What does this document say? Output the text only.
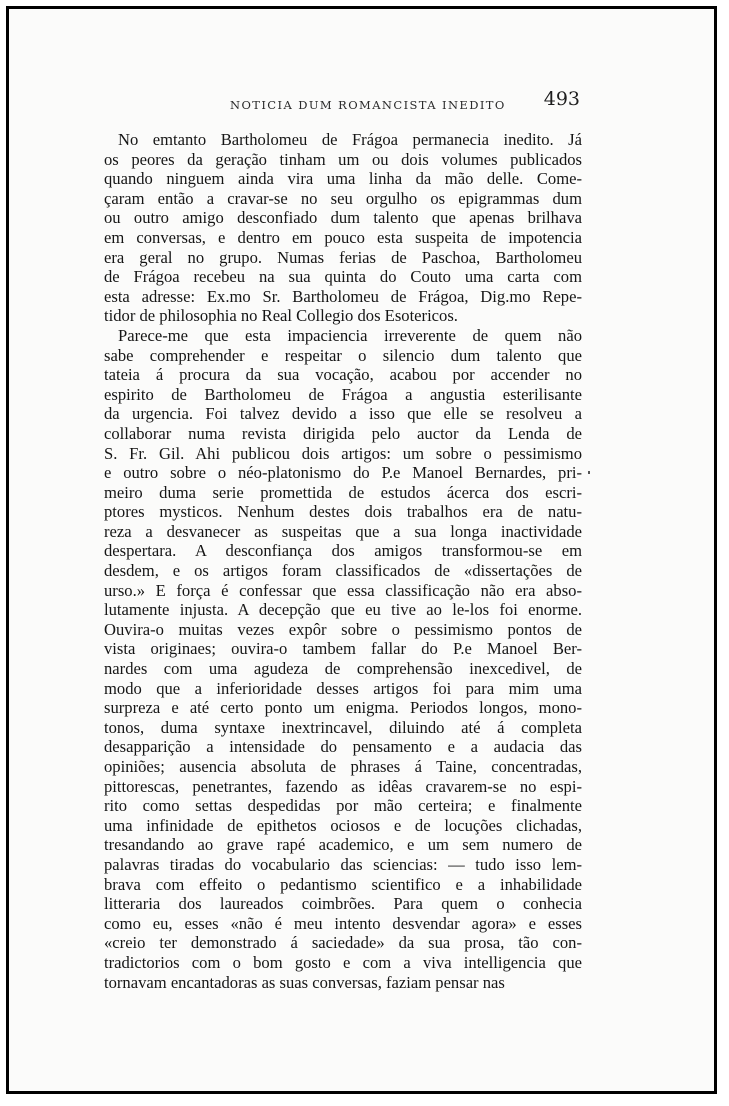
NOTICIA DUM ROMANCISTA INEDITO 493
No emtanto Bartholomeu de Frágoa permanecia inedito. Já
os peores da geração tinham um ou dois volumes publicados
quando ninguem ainda vira uma linha da mão delle. Come-
çaram então a cravar-se no seu orgulho os epigrammas dum
ou outro amigo desconfiado dum talento que apenas brilhava
em conversas, e dentro em pouco esta suspeita de impotencia
era geral no grupo. Numas ferias de Paschoa, Bartholomeu
de Frágoa recebeu na sua quinta do Couto uma carta com
esta adresse: Ex.mo Sr. Bartholomeu de Frágoa, Dig.mo Repe-
tidor de philosophia no Real Collegio dos Esotericos.
Parece-me que esta impaciencia irreverente de quem não
sabe comprehender e respeitar o silencio dum talento que
tateia á procura da sua vocação, acabou por accender no
espirito de Bartholomeu de Frágoa a angustia esterilisante
da urgencia. Foi talvez devido a isso que elle se resolveu a
collaborar numa revista dirigida pelo auctor da Lenda de
S. Fr. Gil. Ahi publicou dois artigos: um sobre o pessimismo
e outro sobre o néo-platonismo do P.e Manoel Bernardes, pri-
meiro duma serie promettida de estudos ácerca dos escri-
ptores mysticos. Nenhum destes dois trabalhos era de natu-
reza a desvanecer as suspeitas que a sua longa inactividade
despertara. A desconfiança dos amigos transformou-se em
desdem, e os artigos foram classificados de «dissertações de
urso.» E força é confessar que essa classificação não era abso-
lutamente injusta. A decepção que eu tive ao le-los foi enorme.
Ouvira-o muitas vezes expôr sobre o pessimismo pontos de
vista originaes; ouvira-o tambem fallar do P.e Manoel Ber-
nardes com uma agudeza de comprehensão inexcedivel, de
modo que a inferioridade desses artigos foi para mim uma
surpreza e até certo ponto um enigma. Periodos longos, mono-
tonos, duma syntaxe inextrincavel, diluindo até á completa
desapparição a intensidade do pensamento e a audacia das
opiniões; ausencia absoluta de phrases á Taine, concentradas,
pittorescas, penetrantes, fazendo as idêas cravarem-se no espi-
rito como settas despedidas por mão certeira; e finalmente
uma infinidade de epithetos ociosos e de locuções clichadas,
tresandando ao grave rapé academico, e um sem numero de
palavras tiradas do vocabulario das sciencias: — tudo isso lem-
brava com effeito o pedantismo scientifico e a inhabilidade
litteraria dos laureados coimbrões. Para quem o conhecia
como eu, esses «não é meu intento desvendar agora» e esses
«creio ter demonstrado á saciedade» da sua prosa, tão con-
tradictorios com o bom gosto e com a viva intelligencia que
tornavam encantadoras as suas conversas, faziam pensar nas
